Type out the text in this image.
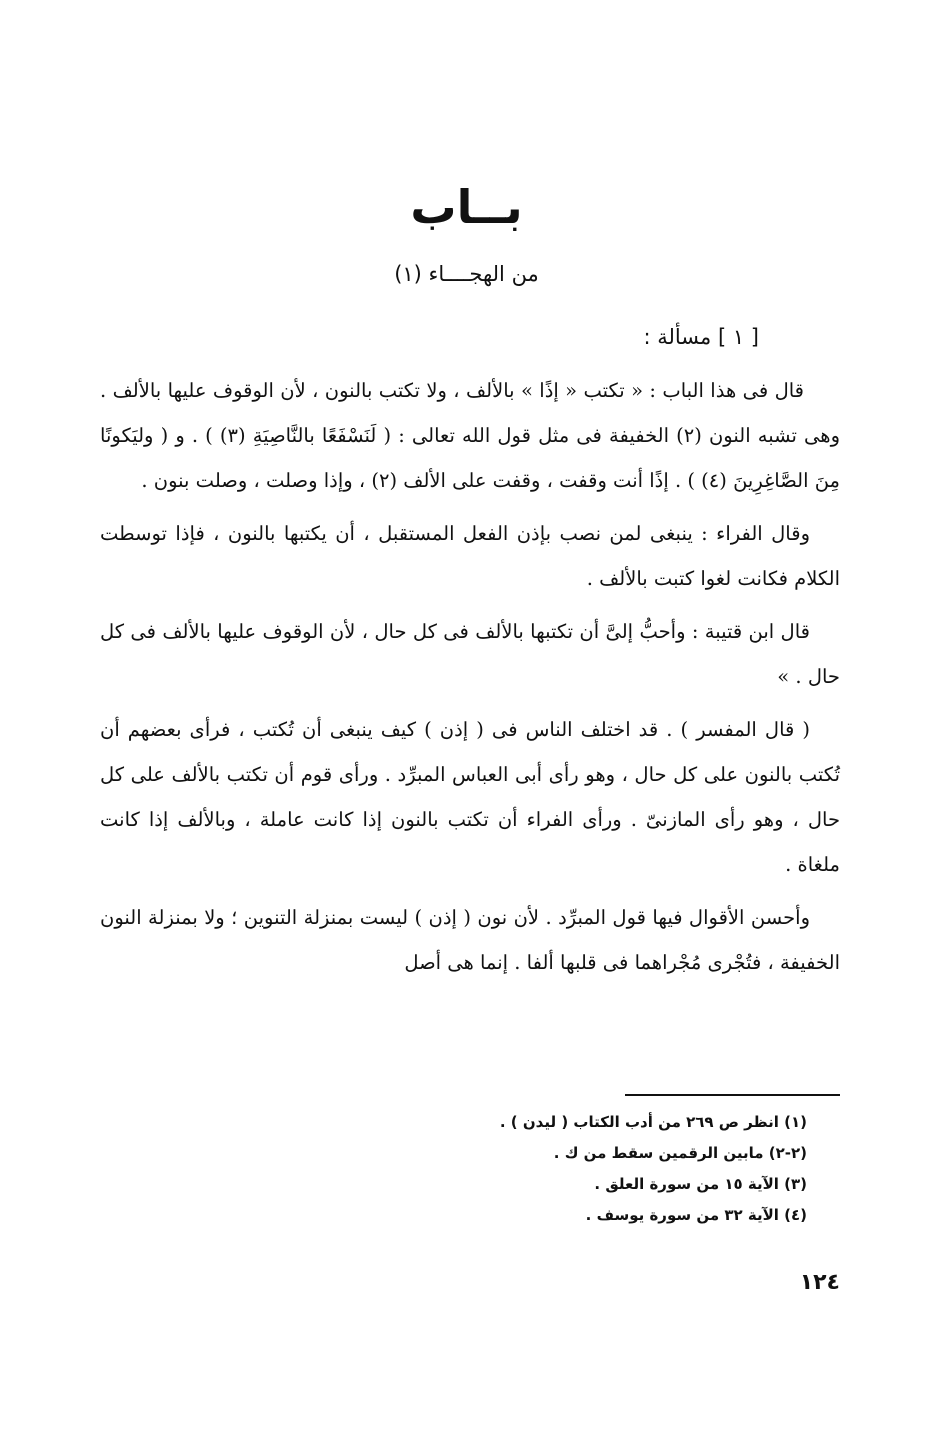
بــاب
من الهجــــاء (١)
[ ١ ] مسألة :

قال فى هذا الباب : « تكتب « إذًا » بالألف ، ولا تكتب بالنون ، لأن الوقوف عليها بالألف . وهى تشبه النون (٢) الخفيفة فى مثل قول الله تعالى : ( لَنَسْفَعًا بالنَّاصِيَةِ (٣) ) . و ( وليَكونًا مِنَ الصَّاغِرِينَ (٤) ) . إذًا أنت وقفت ، وقفت على الألف (٢) ، وإذا وصلت ، وصلت بنون .

وقال الفراء : ينبغى لمن نصب بإذن الفعل المستقبل ، أن يكتبها بالنون ، فإذا توسطت الكلام فكانت لغوا كتبت بالألف .

قال ابن قتيبة : وأحبُّ إلىَّ أن تكتبها بالألف فى كل حال ، لأن الوقوف عليها بالألف فى كل حال . »

( قال المفسر ) . قد اختلف الناس فى ( إذن ) كيف ينبغى أن تُكتب ، فرأى بعضهم أن تُكتب بالنون على كل حال ، وهو رأى أبى العباس المبرِّد . ورأى قوم أن تكتب بالألف على كل حال ، وهو رأى المازنىّ . ورأى الفراء أن تكتب بالنون إذا كانت عاملة ، وبالألف إذا كانت ملغاة .

وأحسن الأقوال فيها قول المبرِّد . لأن نون ( إذن ) ليست بمنزلة التنوين ؛ ولا بمنزلة النون الخفيفة ، فتُجْرى مُجْراهما فى قلبها ألفا . إنما هى أصل

(١) انظر ص ٢٦٩ من أدب الكتاب ( ليدن ) .
(٢-٢) مابين الرقمين سقط من ك .
(٣) الآية ١٥ من سورة العلق .
(٤) الآية ٣٢ من سورة يوسف .
١٢٤
